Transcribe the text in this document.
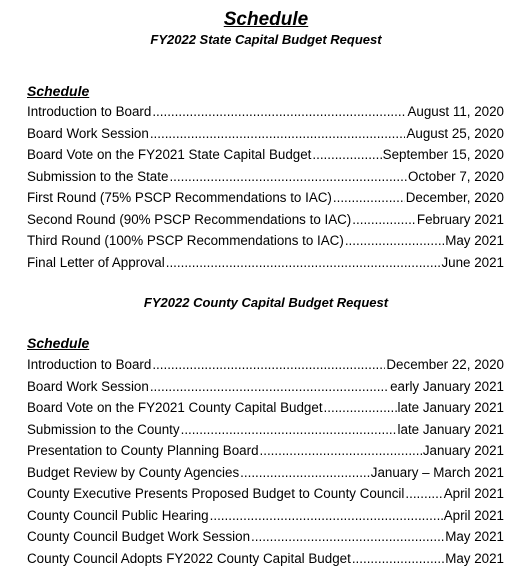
Schedule
FY2022 State Capital Budget Request
Schedule
Introduction to Board .....	August 11, 2020
Board Work Session .....	August 25, 2020
Board Vote on the FY2021 State Capital Budget .....	September 15, 2020
Submission to the State .....	October 7, 2020
First Round (75% PSCP Recommendations to IAC) .....	December, 2020
Second Round (90% PSCP Recommendations to IAC) .....	February 2021
Third Round (100% PSCP Recommendations to IAC) .....	May 2021
Final Letter of Approval .....	June 2021
FY2022 County Capital Budget Request
Schedule
Introduction to Board .....	December 22, 2020
Board Work Session .....	early January 2021
Board Vote on the FY2021 County Capital Budget .....	late January 2021
Submission to the County .....	late January 2021
Presentation to County Planning Board .....	January 2021
Budget Review by County Agencies .....	January – March 2021
County Executive Presents Proposed Budget to County Council .....	April 2021
County Council Public Hearing .....	April 2021
County Council Budget Work Session .....	May 2021
County Council Adopts FY2022 County Capital Budget .....	May 2021
